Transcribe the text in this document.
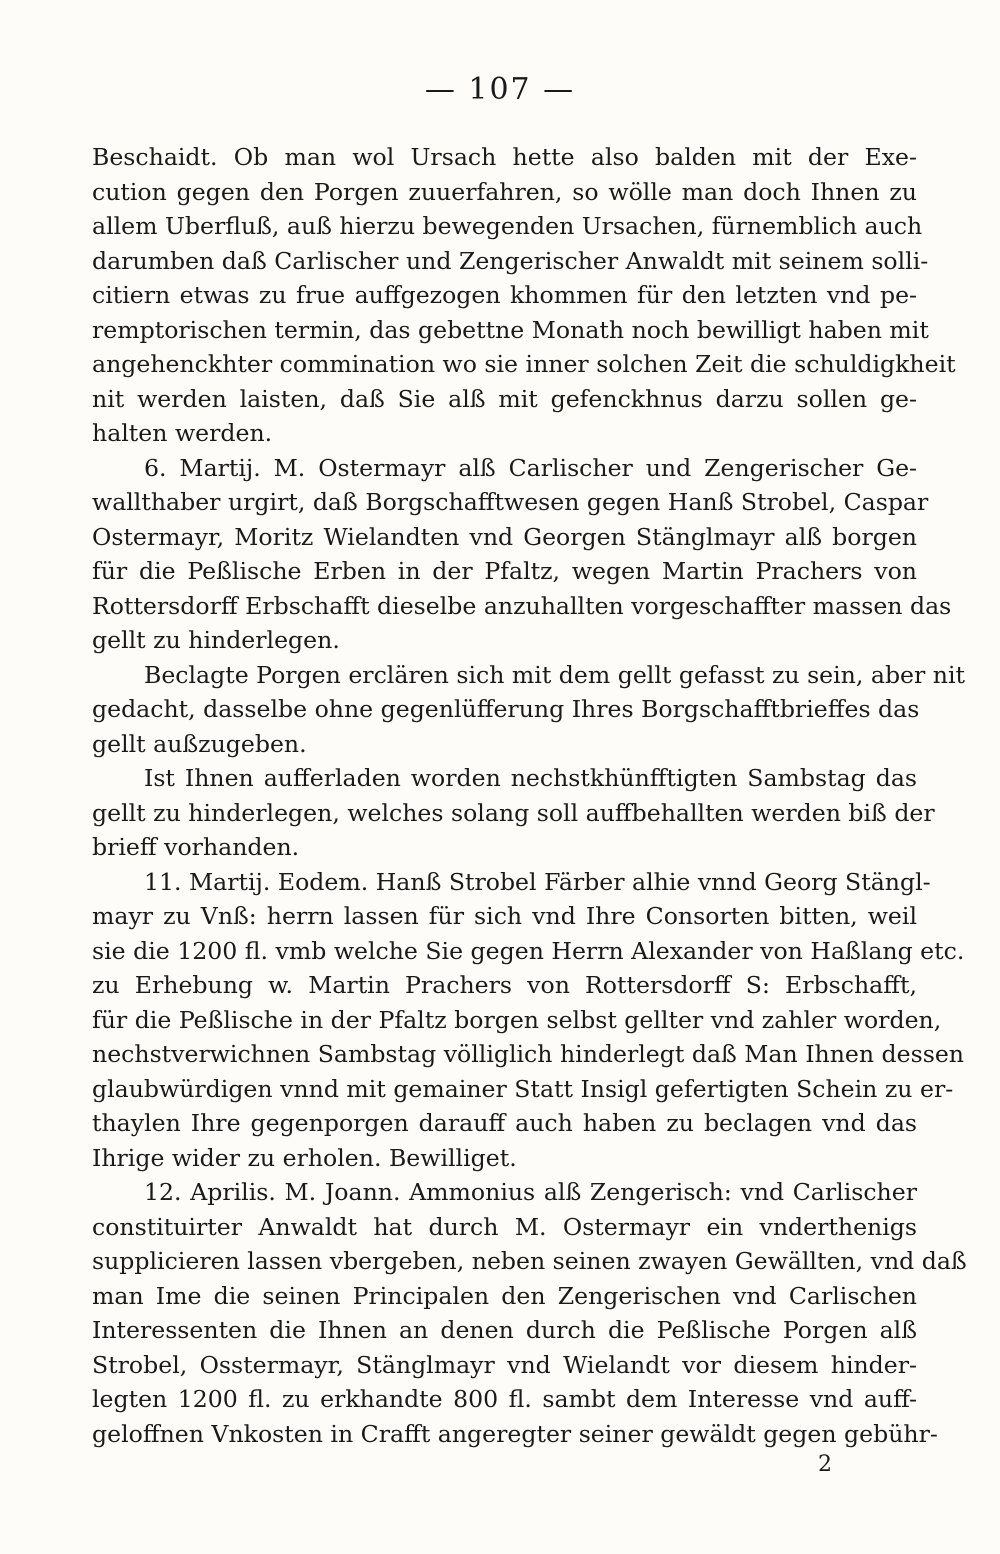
— 107 —
Beschaidt. Ob man wol Ursach hette also balden mit der Exe-
cution gegen den Porgen zuuerfahren, so wölle man doch Ihnen zu
allem Uberfluß, auß hierzu bewegenden Ursachen, fürnemblich auch
darumben daß Carlischer und Zengerischer Anwaldt mit seinem solli-
citiern etwas zu frue auffgezogen khommen für den letzten vnd pe-
remptorischen termin, das gebettne Monath noch bewilligt haben mit
angehenckhter commination wo sie inner solchen Zeit die schuldigkheit
nit werden laisten, daß Sie alß mit gefenckhnus darzu sollen ge-
halten werden.
6. Martij. M. Ostermayr alß Carlischer und Zengerischer Ge-
wallthaber urgirt, daß Borgschafftwesen gegen Hanß Strobel, Caspar
Ostermayr, Moritz Wielandten vnd Georgen Stänglmayr alß borgen
für die Peßlische Erben in der Pfaltz, wegen Martin Prachers von
Rottersdorff Erbschafft dieselbe anzuhallten vorgeschaffter massen das
gellt zu hinderlegen.
Beclagte Porgen erclären sich mit dem gellt gefasst zu sein, aber nit
gedacht, dasselbe ohne gegenlüfferung Ihres Borgschafftbrieffes das
gellt außzugeben.
Ist Ihnen aufferladen worden nechstkhünfftigten Sambstag das
gellt zu hinderlegen, welches solang soll auffbehallten werden biß der
brieff vorhanden.
11. Martij. Eodem. Hanß Strobel Färber alhie vnnd Georg Stängl-
mayr zu Vnß: herrn lassen für sich vnd Ihre Consorten bitten, weil
sie die 1200 fl. vmb welche Sie gegen Herrn Alexander von Haßlang etc.
zu Erhebung w. Martin Prachers von Rottersdorff S: Erbschafft,
für die Peßlische in der Pfaltz borgen selbst gellter vnd zahler worden,
nechstverwichnen Sambstag völliglich hinderlegt daß Man Ihnen dessen
glaubwürdigen vnnd mit gemainer Statt Insigl gefertigten Schein zu er-
thaylen Ihre gegenporgen darauff auch haben zu beclagen vnd das
Ihrige wider zu erholen. Bewilliget.
12. Aprilis. M. Joann. Ammonius alß Zengerisch: vnd Carlischer
constituirter Anwaldt hat durch M. Ostermayr ein vnderthenigs
supplicieren lassen vbergeben, neben seinen zwayen Gewällten, vnd daß
man Ime die seinen Principalen den Zengerischen vnd Carlischen
Interessenten die Ihnen an denen durch die Peßlische Porgen alß
Strobel, Osstermayr, Stänglmayr vnd Wielandt vor diesem hinder-
legten 1200 fl. zu erkhandte 800 fl. sambt dem Interesse vnd auff-
geloffnen Vnkosten in Crafft angeregter seiner gewäldt gegen gebühr-
2
